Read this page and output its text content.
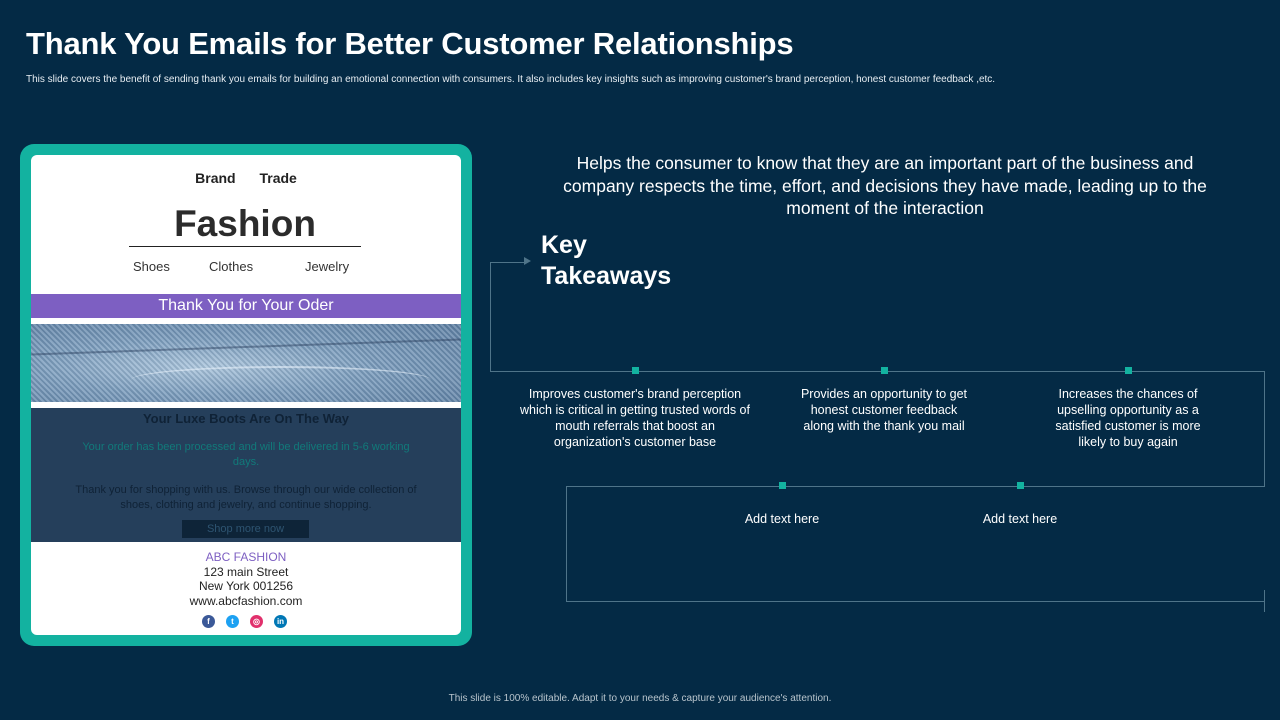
Thank You Emails for Better Customer Relationships
This slide covers the benefit of sending thank you emails for building an emotional connection with consumers. It also includes key insights such as improving customer's brand perception, honest customer feedback ,etc.
Brand Trade
Fashion
Shoes	Clothes	Jewelry
Thank You for Your Oder
Your Luxe Boots Are On The Way
Your order has been processed and will be delivered in 5-6 working days.
Thank you for shopping with us. Browse through our wide collection of shoes, clothing and jewelry, and continue shopping.
Shop more now
ABC FASHION
123 main Street
New York 001256
www.abcfashion.com
f	t	◎	in
Helps the consumer to know that they are an important part of the business and company respects the time, effort, and decisions they have made, leading up to the moment of the interaction
Key
Takeaways
Improves customer's brand perception which is critical in getting trusted words of mouth referrals that boost an organization's customer base
Provides an opportunity to get honest customer feedback along with the thank you mail
Increases the chances of upselling opportunity as a satisfied customer is more likely to buy again
Add text here	Add text here
This slide is 100% editable. Adapt it to your needs & capture your audience's attention.
